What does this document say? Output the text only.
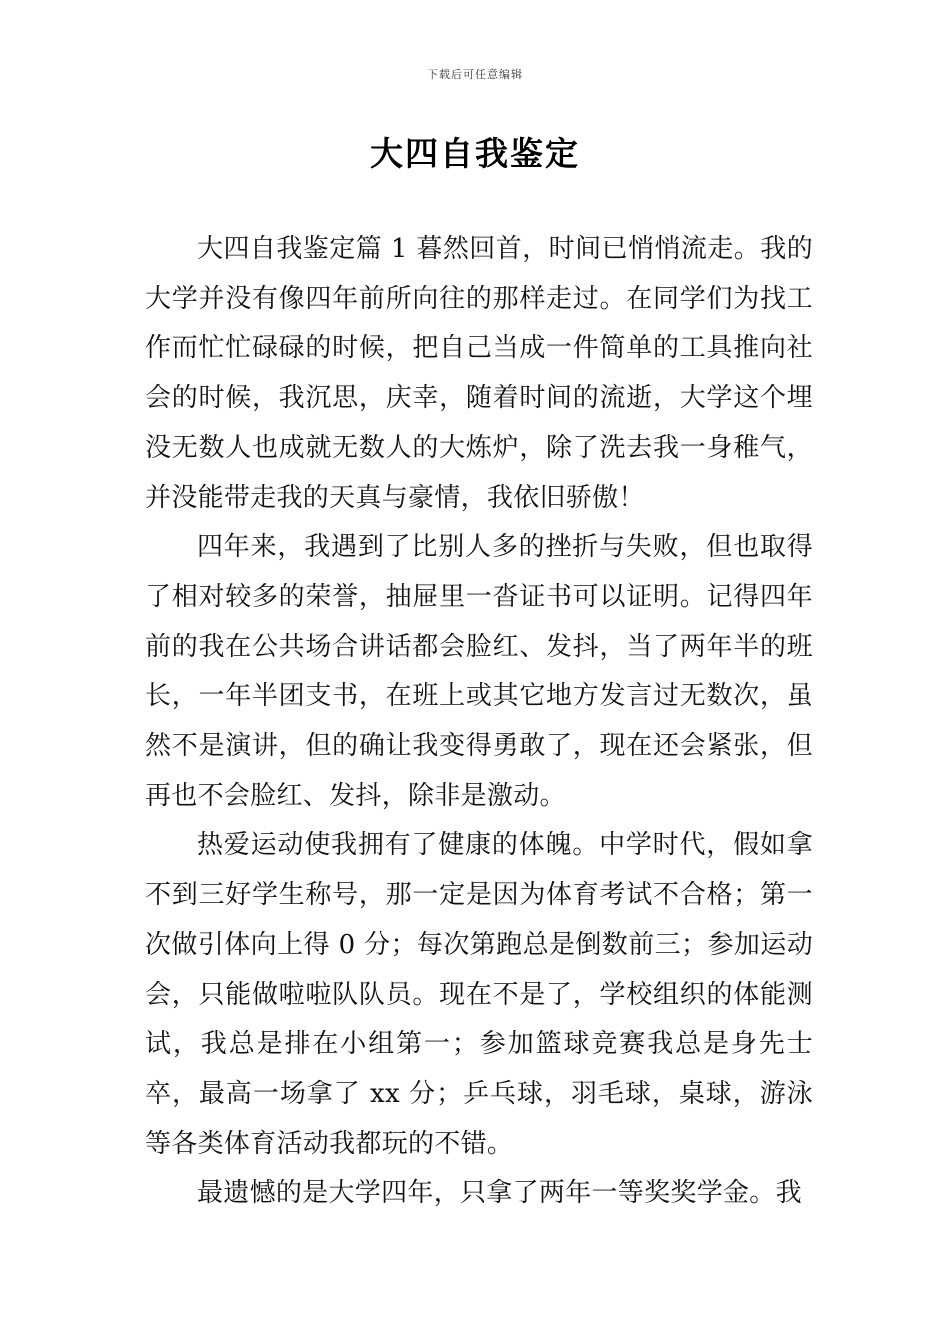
下载后可任意编辑
大四自我鉴定

大四自我鉴定篇 1 暮然回首，时间已悄悄流走。我的大学并没有像四年前所向往的那样走过。在同学们为找工作而忙忙碌碌的时候，把自己当成一件简单的工具推向社会的时候，我沉思，庆幸，随着时间的流逝，大学这个埋没无数人也成就无数人的大炼炉，除了洗去我一身稚气，并没能带走我的天真与豪情，我依旧骄傲！

四年来，我遇到了比别人多的挫折与失败，但也取得了相对较多的荣誉，抽屉里一沓证书可以证明。记得四年前的我在公共场合讲话都会脸红、发抖，当了两年半的班长，一年半团支书，在班上或其它地方发言过无数次，虽然不是演讲，但的确让我变得勇敢了，现在还会紧张，但再也不会脸红、发抖，除非是激动。

热爱运动使我拥有了健康的体魄。中学时代，假如拿不到三好学生称号，那一定是因为体育考试不合格；第一次做引体向上得 0 分；每次第跑总是倒数前三；参加运动会，只能做啦啦队队员。现在不是了，学校组织的体能测试，我总是排在小组第一；参加篮球竞赛我总是身先士卒，最高一场拿了 xx 分；乒乓球，羽毛球，桌球，游泳等各类体育活动我都玩的不错。

最遗憾的是大学四年，只拿了两年一等奖奖学金。我
